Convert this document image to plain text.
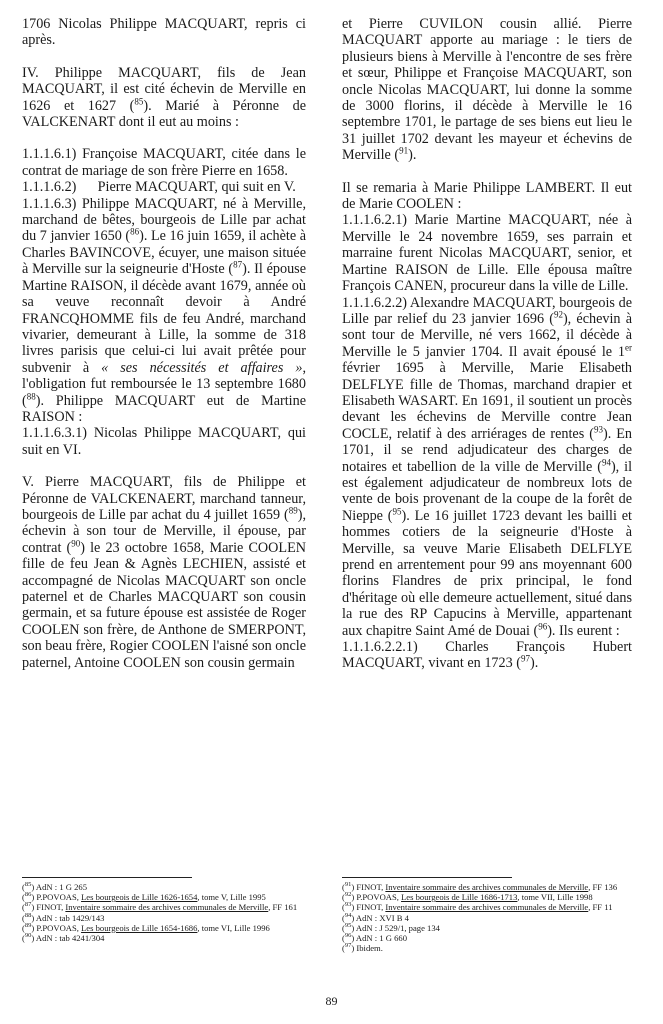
1706 Nicolas Philippe MACQUART, repris ci après.

IV. Philippe MACQUART, fils de Jean MACQUART, il est cité échevin de Merville en 1626 et 1627 ($^{85}$). Marié à Péronne de VALCKENART dont il eut au moins :

1.1.1.6.1) Françoise MACQUART, citée dans le contrat de mariage de son frère Pierre en 1658.

1.1.1.6.2)      Pierre MACQUART, qui suit en V.

1.1.1.6.3) Philippe MACQUART, né à Merville, marchand de bêtes, bourgeois de Lille par achat du 7 janvier 1650 ($^{86}$). Le 16 juin 1659, il achète à Charles BAVINCOVE, écuyer, une maison située à Merville sur la seigneurie d'Hoste ($^{87}$). Il épouse Martine RAISON, il décède avant 1679, année où sa veuve reconnaît devoir à André FRANCQHOMME fils de feu André, marchand vivarier, demeurant à Lille, la somme de 318 livres parisis que celui-ci lui avait prêtée pour subvenir à « ses nécessités et affaires », l'obligation fut remboursée le 13 septembre 1680 ($^{88}$). Philippe MACQUART eut de Martine RAISON :

1.1.1.6.3.1) Nicolas Philippe MACQUART, qui suit en VI.

V. Pierre MACQUART, fils de Philippe et Péronne de VALCKENAERT, marchand tanneur, bourgeois de Lille par achat du 4 juillet 1659 ($^{89}$), échevin à son tour de Merville, il épouse, par contrat ($^{90}$) le 23 octobre 1658, Marie COOLEN fille de feu Jean & Agnès LECHIEN, assisté et accompagné de Nicolas MACQUART son oncle paternel et de Charles MACQUART son cousin germain, et sa future épouse est assistée de Roger COOLEN son frère, de Anthone de SMERPONT, son beau frère, Rogier COOLEN l'aisné son oncle paternel, Antoine COOLEN son cousin germain

et Pierre CUVILON cousin allié. Pierre MACQUART apporte au mariage : le tiers de plusieurs biens à Merville à l'encontre de ses frère et sœur, Philippe et Françoise MACQUART, son oncle Nicolas MACQUART, lui donne la somme de 3000 florins, il décède à Merville le 16 septembre 1701, le partage de ses biens eut lieu le 31 juillet 1702 devant les mayeur et échevins de Merville ($^{91}$).

Il se remaria à Marie Philippe LAMBERT. Il eut de Marie COOLEN :

1.1.1.6.2.1) Marie Martine MACQUART, née à Merville le 24 novembre 1659, ses parrain et marraine furent Nicolas MACQUART, senior, et Martine RAISON de Lille. Elle épousa maître François CANEN, procureur dans la ville de Lille.

1.1.1.6.2.2) Alexandre MACQUART, bourgeois de Lille par relief du 23 janvier 1696 ($^{92}$), échevin à sont tour de Merville, né vers 1662, il décède à Merville le 5 janvier 1704. Il avait épousé le 1er février 1695 à Merville, Marie Elisabeth DELFLYE fille de Thomas, marchand drapier et Elisabeth WASART. En 1691, il soutient un procès devant les échevins de Merville contre Jean COCLE, relatif à des arriérages de rentes ($^{93}$). En 1701, il se rend adjudicateur des charges de notaires et tabellion de la ville de Merville ($^{94}$), il est également adjudicateur de nombreux lots de vente de bois provenant de la coupe de la forêt de Nieppe ($^{95}$). Le 16 juillet 1723 devant les bailli et hommes cotiers de la seigneurie d'Hoste à Merville, sa veuve Marie Elisabeth DELFLYE prend en arrentement pour 99 ans moyennant 600 florins Flandres de prix principal, le fond d'héritage où elle demeure actuellement, situé dans la rue des RP Capucins à Merville, appartenant aux chapitre Saint Amé de Douai ($^{96}$). Ils eurent :

1.1.1.6.2.2.1) Charles François Hubert MACQUART, vivant en 1723 ($^{97}$).

($^{85}$) AdN : 1 G 265
($^{86}$) P.POVOAS, Les bourgeois de Lille 1626-1654, tome V, Lille 1995
($^{87}$) FINOT, Inventaire sommaire des archives communales de Merville, FF 161
($^{88}$) AdN : tab 1429/143
($^{89}$) P.POVOAS, Les bourgeois de Lille 1654-1686, tome VI, Lille 1996
($^{90}$) AdN : tab 4241/304
($^{91}$) FINOT, Inventaire sommaire des archives communales de Merville, FF 136
($^{92}$) P.POVOAS, Les bourgeois de Lille 1686-1713, tome VII, Lille 1998
($^{93}$) FINOT, Inventaire sommaire des archives communales de Merville, FF 11
($^{94}$) AdN : XVI B 4
($^{95}$) AdN : J 529/1, page 134
($^{96}$) AdN : 1 G 660
($^{97}$) Ibidem.
89
